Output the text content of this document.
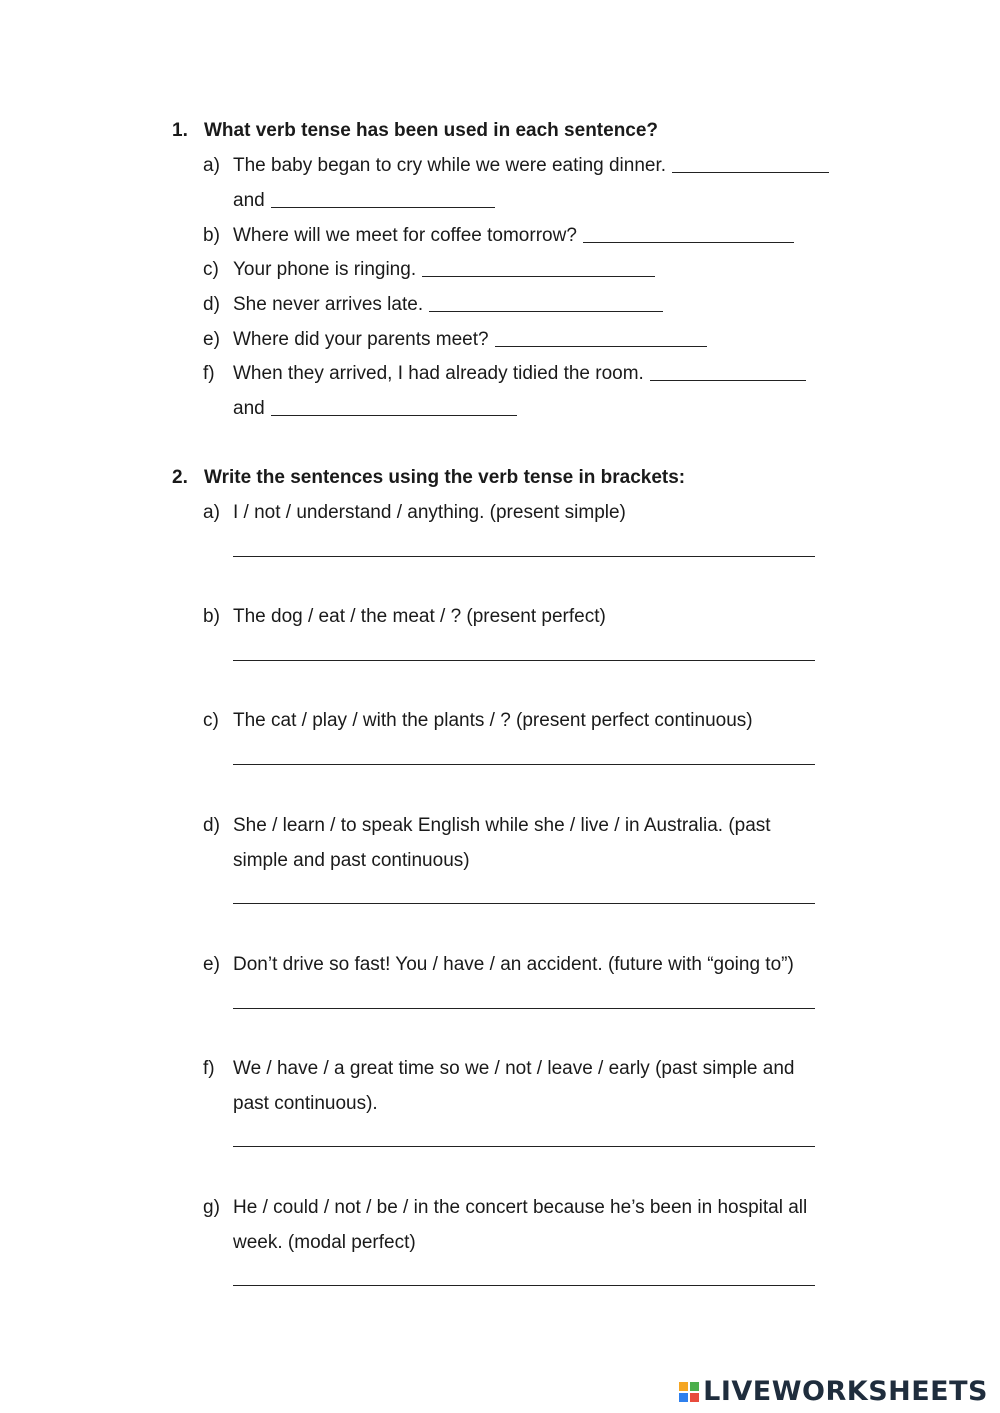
1. What verb tense has been used in each sentence?
a) The baby began to cry while we were eating dinner.
and
b) Where will we meet for coffee tomorrow?
c) Your phone is ringing.
d) She never arrives late.
e) Where did your parents meet?
f) When they arrived, I had already tidied the room.
and
2. Write the sentences using the verb tense in brackets:
a) I / not / understand / anything. (present simple)
b) The dog / eat / the meat / ? (present perfect)
c) The cat / play / with the plants / ? (present perfect continuous)
d) She / learn / to speak English while she / live / in Australia. (past
simple and past continuous)
e) Don’t drive so fast! You / have / an accident. (future with “going to”)
f) We / have / a great time so we / not / leave / early (past simple and
past continuous).
g) He / could / not / be / in the concert because he’s been in hospital all
week. (modal perfect)
LIVEWORKSHEETS
